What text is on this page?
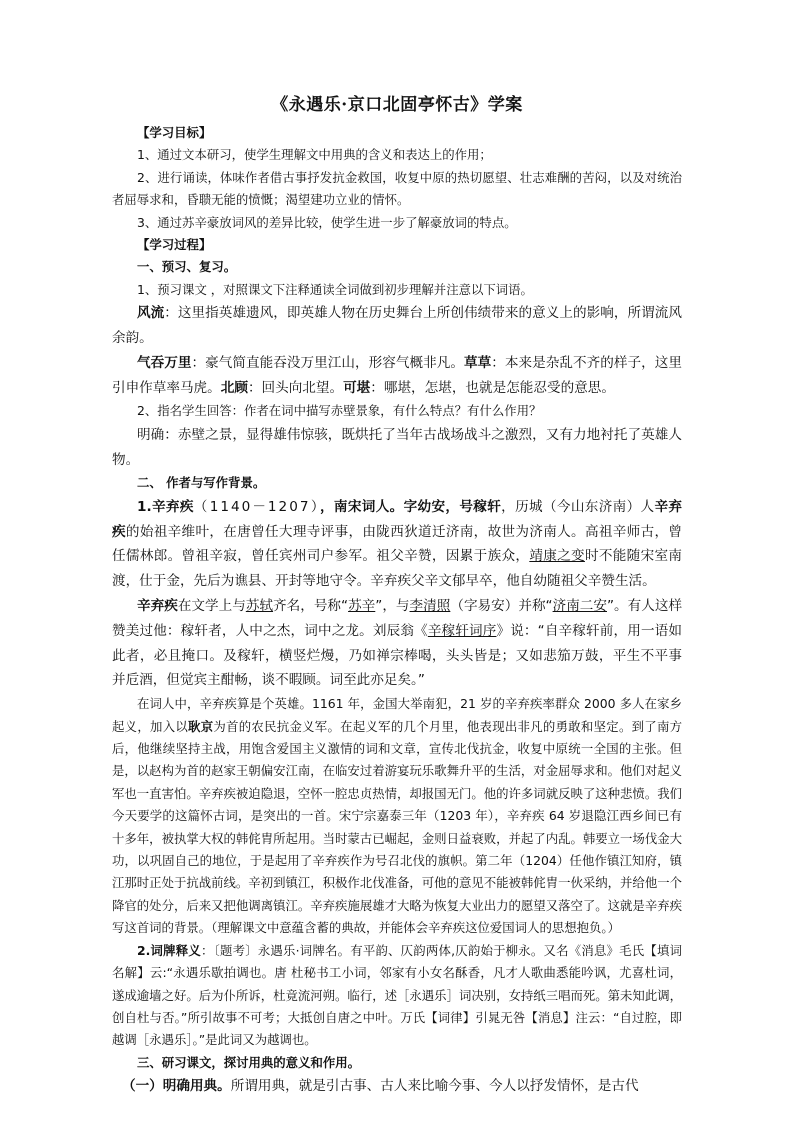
《永遇乐·京口北固亭怀古》学案

【学习目标】

1、通过文本研习，使学生理解文中用典的含义和表达上的作用；

2、进行诵读，体味作者借古事抒发抗金救国，收复中原的热切愿望、壮志难酬的苦闷，以及对统治者屈辱求和，昏聩无能的愤慨；渴望建功立业的情怀。

3、通过苏辛豪放词风的差异比较，使学生进一步了解豪放词的特点。

【学习过程】

一、预习、复习。

1、预习课文 ，对照课文下注释通读全词做到初步理解并注意以下词语。

风流：这里指英雄遗风，即英雄人物在历史舞台上所创伟绩带来的意义上的影响，所谓流风余韵。

气吞万里：豪气简直能吞没万里江山，形容气概非凡。草草：本来是杂乱不齐的样子，这里引申作草率马虎。北顾：回头向北望。可堪：哪堪，怎堪，也就是怎能忍受的意思。

2、指名学生回答：作者在词中描写赤壁景象，有什么特点？有什么作用？

明确：赤壁之景，显得雄伟惊骇，既烘托了当年古战场战斗之激烈，又有力地衬托了英雄人物。

二、 作者与写作背景。

1.辛弃疾（1140－1207），南宋词人。字幼安，号稼轩，历城（今山东济南）人辛弃疾的始祖辛维叶，在唐曾任大理寺评事，由陇西狄道迁济南，故世为济南人。高祖辛师古，曾任儒林郎。曾祖辛寂，曾任宾州司户参军。祖父辛赞，因累于族众，靖康之变时不能随宋室南渡，仕于金，先后为谯县、开封等地守令。辛弃疾父辛文郁早卒，他自幼随祖父辛赞生活。

辛弃疾在文学上与苏轼齐名，号称“苏辛”，与李清照（字易安）并称“济南二安”。有人这样赞美过他：稼轩者，人中之杰，词中之龙。刘辰翁《辛稼轩词序》说：“自辛稼轩前，用一语如此者，必且掩口。及稼轩，横竖烂熳，乃如禅宗棒喝，头头皆是；又如悲笳万鼓，平生不平事并卮酒，但觉宾主酣畅，谈不暇顾。词至此亦足矣。”

在词人中，辛弃疾算是个英雄。1161 年，金国大举南犯，21 岁的辛弃疾率群众 2000 多人在家乡起义，加入以耿京为首的农民抗金义军。在起义军的几个月里，他表现出非凡的勇敢和坚定。到了南方后，他继续坚持主战，用饱含爱国主义激情的词和文章，宣传北伐抗金，收复中原统一全国的主张。但是，以赵构为首的赵家王朝偏安江南，在临安过着游宴玩乐歌舞升平的生活，对金屈辱求和。他们对起义军也一直害怕。辛弃疾被迫隐退，空怀一腔忠贞热情，却报国无门。他的许多词就反映了这种悲愤。我们今天要学的这篇怀古词，是突出的一首。宋宁宗嘉泰三年（1203 年），辛弃疾 64 岁退隐江西乡间已有十多年，被执掌大权的韩侂胄所起用。当时蒙古已崛起，金则日益衰败，并起了内乱。韩要立一场伐金大功，以巩固自己的地位，于是起用了辛弃疾作为号召北伐的旗帜。第二年（1204）任他作镇江知府，镇江那时正处于抗战前线。辛初到镇江，积极作北伐准备，可他的意见不能被韩侂胄一伙采纳，并给他一个降官的处分，后来又把他调离镇江。辛弃疾施展雄才大略为恢复大业出力的愿望又落空了。这就是辛弃疾写这首词的背景。（理解课文中意蕴含蓄的典故，并能体会辛弃疾这位爱国词人的思想抱负。）

2.词牌释义：〔题考〕永遇乐·词牌名。有平韵、仄韵两体,仄韵始于柳永。又名《消息》毛氏【填词名解】云:“永遇乐歇拍调也。唐 杜秘书工小词，邻家有小女名酥香，凡才人歌曲悉能吟讽，尤喜杜词，遂成逾墙之好。后为仆所诉，杜竟流河朔。临行，述［永遇乐］词决别，女持纸三唱而死。第未知此调，创自杜与否。”所引故事不可考；大抵创自唐之中叶。万氏【词律】引晁无咎【消息】注云：“自过腔，即越调［永遇乐］。”是此词又为越调也。

三、研习课文，探讨用典的意义和作用。

（一）明确用典。所谓用典，就是引古事、古人来比喻今事、今人以抒发情怀，是古代
